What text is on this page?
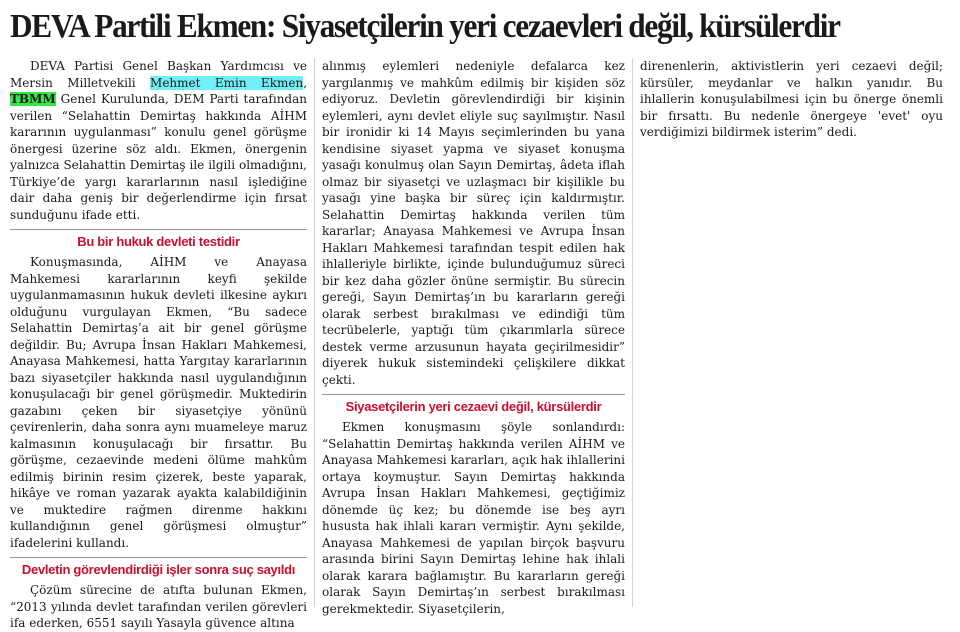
DEVA Partili Ekmen: Siyasetçilerin yeri cezaevleri değil, kürsülerdir

DEVA Partisi Genel Başkan Yardımcısı ve Mersin Milletvekili Mehmet Emin Ekmen, TBMM Genel Kurulunda, DEM Parti tarafından verilen “Selahattin Demirtaş hakkında AİHM kararının uygulanması” konulu genel görüşme önergesi üzerine söz aldı. Ekmen, önergenin yalnızca Selahattin Demirtaş ile ilgili olmadığını, Türkiye’de yargı kararlarının nasıl işlediğine dair daha geniş bir değerlendirme için fırsat sunduğunu ifade etti.

Bu bir hukuk devleti testidir

Konuşmasında, AİHM ve Anayasa Mahkemesi kararlarının keyfi şekilde uygulanmamasının hukuk devleti ilkesine aykırı olduğunu vurgulayan Ekmen, “Bu sadece Selahattin Demirtaş’a ait bir genel görüşme değildir. Bu; Avrupa İnsan Hakları Mahkemesi, Anayasa Mahkemesi, hatta Yargıtay kararlarının bazı siyasetçiler hakkında nasıl uygulandığının konuşulacağı bir genel görüşmedir. Muktedirin gazabını çeken bir siyasetçiye yönünü çevirenlerin, daha sonra aynı muameleye maruz kalmasının konuşulacağı bir fırsattır. Bu görüşme, cezaevinde medeni ölüme mahkûm edilmiş birinin resim çizerek, beste yaparak, hikâye ve roman yazarak ayakta kalabildiğinin ve muktedire rağmen direnme hakkını kullandığının genel görüşmesi olmuştur” ifadelerini kullandı.

Devletin görevlendirdiği işler sonra suç sayıldı

Çözüm sürecine de atıfta bulunan Ekmen, “2013 yılında devlet tarafından verilen görevleri ifa ederken, 6551 sayılı Yasayla güvence altına

alınmış eylemleri nedeniyle defalarca kez yargılanmış ve mahkûm edilmiş bir kişiden söz ediyoruz. Devletin görevlendirdiği bir kişinin eylemleri, aynı devlet eliyle suç sayılmıştır. Nasıl bir ironidir ki 14 Mayıs seçimlerinden bu yana kendisine siyaset yapma ve siyaset konuşma yasağı konulmuş olan Sayın Demirtaş, âdeta iflah olmaz bir siyasetçi ve uzlaşmacı bir kişilikle bu yasağı yine başka bir süreç için kaldırmıştır. Selahattin Demirtaş hakkında verilen tüm kararlar; Anayasa Mahkemesi ve Avrupa İnsan Hakları Mahkemesi tarafından tespit edilen hak ihlalleriyle birlikte, içinde bulunduğumuz süreci bir kez daha gözler önüne sermiştir. Bu sürecin gereği, Sayın Demirtaş’ın bu kararların gereği olarak serbest bırakılması ve edindiği tüm tecrübelerle, yaptığı tüm çıkarımlarla sürece destek verme arzusunun hayata geçirilmesidir” diyerek hukuk sistemindeki çelişkilere dikkat çekti.

Siyasetçilerin yeri cezaevi değil, kürsülerdir

Ekmen konuşmasını şöyle sonlandırdı: “Selahattin Demirtaş hakkında verilen AİHM ve Anayasa Mahkemesi kararları, açık hak ihlallerini ortaya koymuştur. Sayın Demirtaş hakkında Avrupa İnsan Hakları Mahkemesi, geçtiğimiz dönemde üç kez; bu dönemde ise beş ayrı hususta hak ihlali kararı vermiştir. Aynı şekilde, Anayasa Mahkemesi de yapılan birçok başvuru arasında birini Sayın Demirtaş lehine hak ihlali olarak karara bağlamıştır. Bu kararların gereği olarak Sayın Demirtaş’ın serbest bırakılması gerekmektedir. Siyasetçilerin,

direnenlerin, aktivistlerin yeri cezaevi değil; kürsüler, meydanlar ve halkın yanıdır. Bu ihlallerin konuşulabilmesi için bu önerge önemli bir fırsattı. Bu nedenle önergeye 'evet' oyu verdiğimizi bildirmek isterim” dedi.
